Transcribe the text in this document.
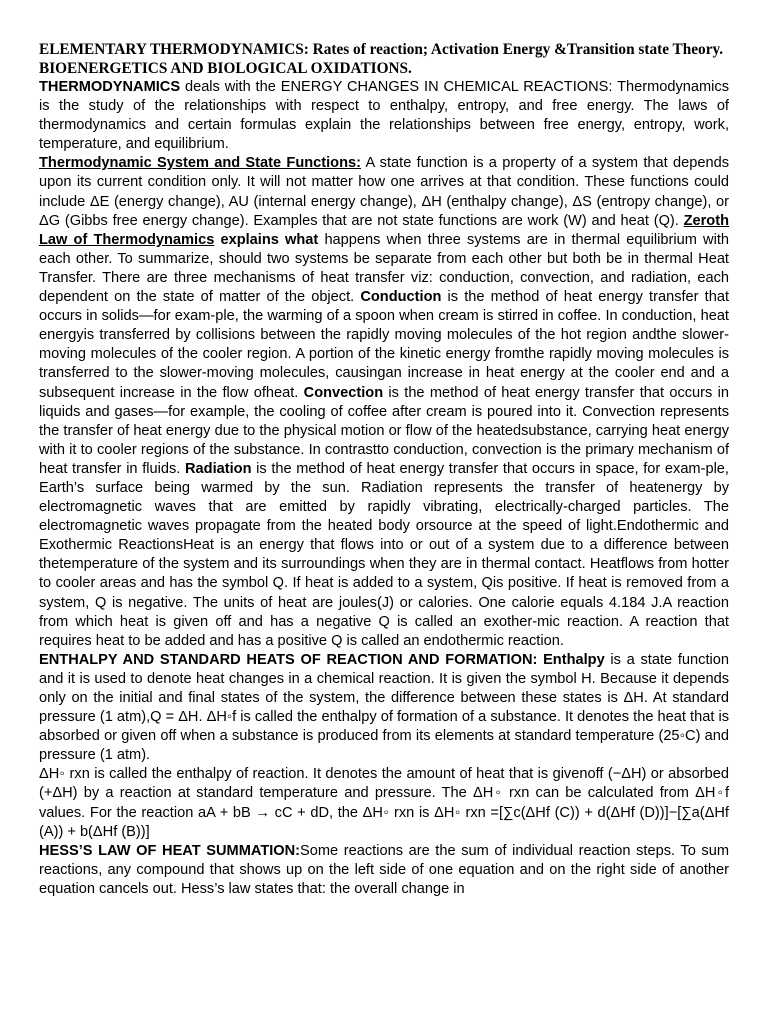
ELEMENTARY THERMODYNAMICS: Rates of reaction; Activation Energy &Transition state Theory.

BIOENERGETICS AND BIOLOGICAL OXIDATIONS.

THERMODYNAMICS deals with the ENERGY CHANGES IN CHEMICAL REACTIONS: Thermodynamics is the study of the relationships with respect to enthalpy, entropy, and free energy. The laws of thermodynamics and certain formulas explain the relationships between free energy, entropy, work, temperature, and equilibrium.

Thermodynamic System and State Functions: A state function is a property of a system that depends upon its current condition only. It will not matter how one arrives at that condition. These functions could include ΔE (energy change), AU (internal energy change), ΔH (enthalpy change), ΔS (entropy change), or ΔG (Gibbs free energy change). Examples that are not state functions are work (W) and heat (Q). Zeroth Law of Thermodynamics explains what happens when three systems are in thermal equilibrium with each other. To summarize, should two systems be separate from each other but both be in thermal Heat Transfer. There are three mechanisms of heat transfer viz: conduction, convection, and radiation, each dependent on the state of matter of the object. Conduction is the method of heat energy transfer that occurs in solids—for exam-ple, the warming of a spoon when cream is stirred in coffee. In conduction, heat energyis transferred by collisions between the rapidly moving molecules of the hot region andthe slower-moving molecules of the cooler region. A portion of the kinetic energy fromthe rapidly moving molecules is transferred to the slower-moving molecules, causingan increase in heat energy at the cooler end and a subsequent increase in the flow ofheat. Convection is the method of heat energy transfer that occurs in liquids and gases—for example, the cooling of coffee after cream is poured into it. Convection represents the transfer of heat energy due to the physical motion or flow of the heatedsubstance, carrying heat energy with it to cooler regions of the substance. In contrastto conduction, convection is the primary mechanism of heat transfer in fluids. Radiation is the method of heat energy transfer that occurs in space, for exam-ple, Earth’s surface being warmed by the sun. Radiation represents the transfer of heatenergy by electromagnetic waves that are emitted by rapidly vibrating, electrically-charged particles. The electromagnetic waves propagate from the heated body orsource at the speed of light.Endothermic and Exothermic ReactionsHeat is an energy that flows into or out of a system due to a difference between thetemperature of the system and its surroundings when they are in thermal contact. Heatflows from hotter to cooler areas and has the symbol Q. If heat is added to a system, Qis positive. If heat is removed from a system, Q is negative. The units of heat are joules(J) or calories. One calorie equals 4.184 J.A reaction from which heat is given off and has a negative Q is called an exother-mic reaction. A reaction that requires heat to be added and has a positive Q is called an endothermic reaction.

ENTHALPY AND STANDARD HEATS OF REACTION AND FORMATION: Enthalpy is a state function and it is used to denote heat changes in a chemical reaction. It is given the symbol H. Because it depends only on the initial and final states of the system, the difference between these states is ΔH. At standard pressure (1 atm),Q = ΔH. ΔH◦f is called the enthalpy of formation of a substance. It denotes the heat that is absorbed or given off when a substance is produced from its elements at standard temperature (25◦C) and pressure (1 atm).

ΔH◦ rxn is called the enthalpy of reaction. It denotes the amount of heat that is givenoff (−ΔH) or absorbed (+ΔH) by a reaction at standard temperature and pressure. The ΔH◦ rxn can be calculated from ΔH◦f values. For the reaction aA + bB → cC + dD, the ΔH◦ rxn is ΔH◦ rxn =[∑c(ΔHf (C)) + d(ΔHf (D))]−[∑a(ΔHf (A)) + b(ΔHf (B))]

HESS’S LAW OF HEAT SUMMATION:Some reactions are the sum of individual reaction steps. To sum reactions, any compound that shows up on the left side of one equation and on the right side of another equation cancels out. Hess’s law states that: the overall change in
